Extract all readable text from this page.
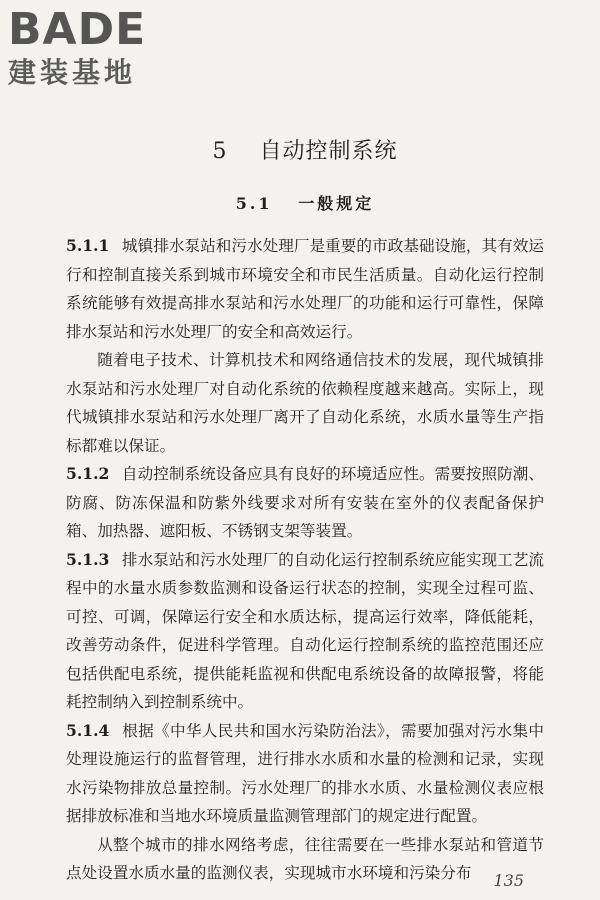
BADE
建装基地
5 自动控制系统
5.1 一般规定

5.1.1 城镇排水泵站和污水处理厂是重要的市政基础设施，其有效运行和控制直接关系到城市环境安全和市民生活质量。自动化运行控制系统能够有效提高排水泵站和污水处理厂的功能和运行可靠性，保障排水泵站和污水处理厂的安全和高效运行。

随着电子技术、计算机技术和网络通信技术的发展，现代城镇排水泵站和污水处理厂对自动化系统的依赖程度越来越高。实际上，现代城镇排水泵站和污水处理厂离开了自动化系统，水质水量等生产指标都难以保证。

5.1.2 自动控制系统设备应具有良好的环境适应性。需要按照防潮、防腐、防冻保温和防紫外线要求对所有安装在室外的仪表配备保护箱、加热器、遮阳板、不锈钢支架等装置。

5.1.3 排水泵站和污水处理厂的自动化运行控制系统应能实现工艺流程中的水量水质参数监测和设备运行状态的控制，实现全过程可监、可控、可调，保障运行安全和水质达标，提高运行效率，降低能耗，改善劳动条件，促进科学管理。自动化运行控制系统的监控范围还应包括供配电系统，提供能耗监视和供配电系统设备的故障报警，将能耗控制纳入到控制系统中。

5.1.4 根据《中华人民共和国水污染防治法》，需要加强对污水集中处理设施运行的监督管理，进行排水水质和水量的检测和记录，实现水污染物排放总量控制。污水处理厂的排水水质、水量检测仪表应根据排放标准和当地水环境质量监测管理部门的规定进行配置。

从整个城市的排水网络考虑，往往需要在一些排水泵站和管道节点处设置水质水量的监测仪表，实现城市水环境和污染分布	135
